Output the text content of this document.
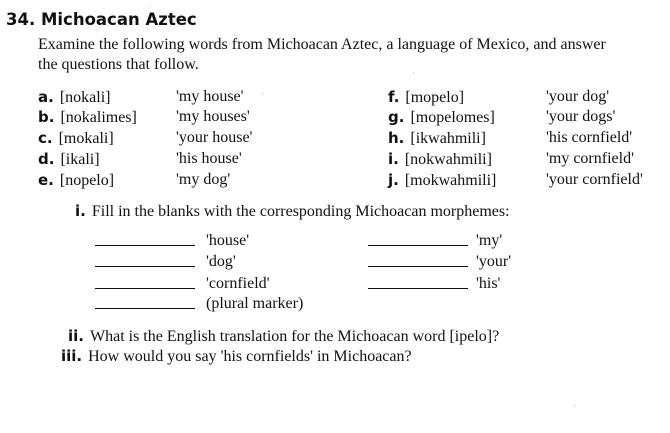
34. Michoacan Aztec
Examine the following words from Michoacan Aztec, a language of Mexico, and answer
the questions that follow.
a. [nokali]	'my house'
b. [nokalimes] 'my houses'
c. [mokali]	'your house'
d. [ikali]	'his house'
e. [nopelo]	'my dog'
f. [mopelo]	'your dog'
g. [mopelomes]	'your dogs'
h. [ikwahmili]	'his cornfield'
i. [nokwahmili]	'my cornfield'
j. [mokwahmili]	'your cornfield'
i. Fill in the blanks with the corresponding Michoacan morphemes:
'house'
'dog'
'cornfield'
(plural marker)
'my'
'your'
'his'
ii. What is the English translation for the Michoacan word [ipelo]?
iii. How would you say 'his cornfields' in Michoacan?
